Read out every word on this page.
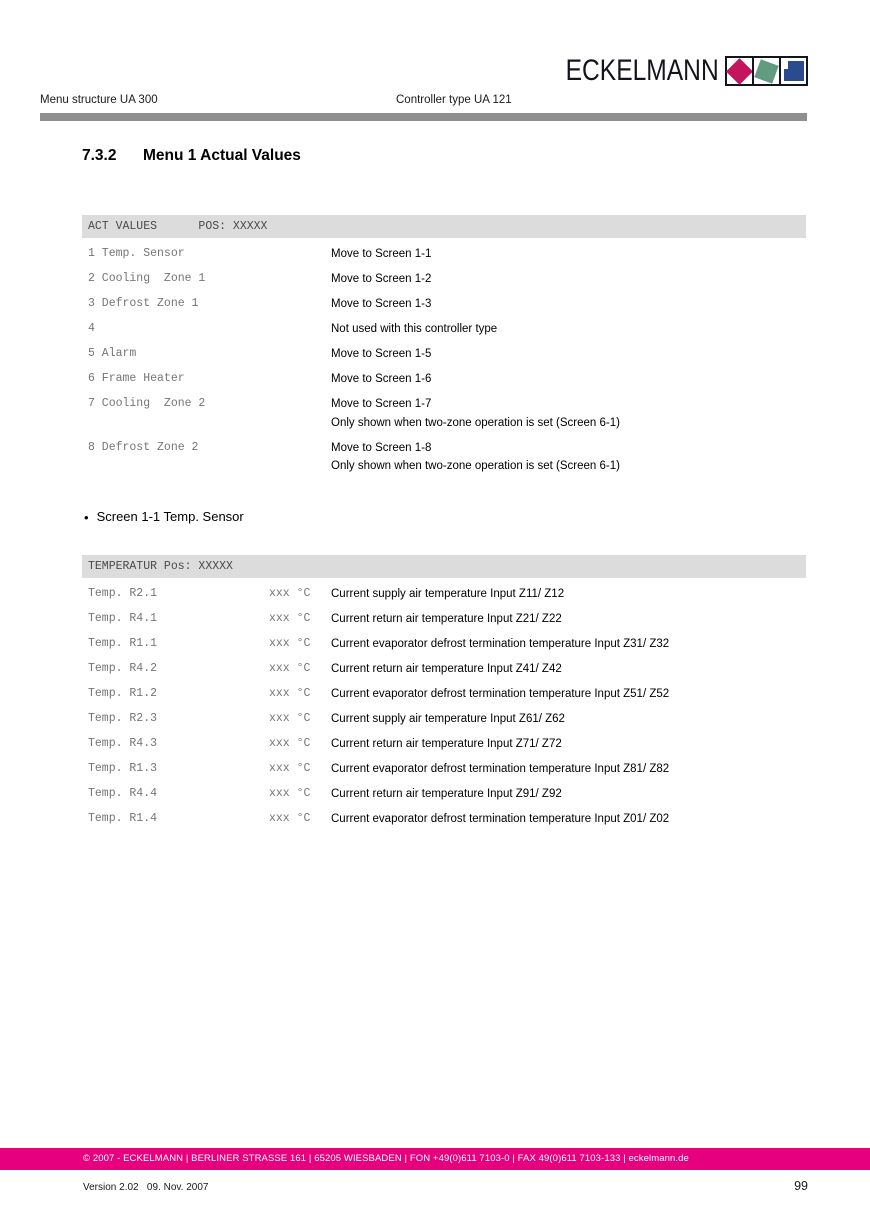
ECKELMANN
Menu structure UA 300	Controller type UA 121
7.3.2	Menu 1 Actual Values
ACT VALUES      POS: XXXXX
1 Temp. Sensor	Move to Screen 1-1
2 Cooling  Zone 1	Move to Screen 1-2
3 Defrost Zone 1	Move to Screen 1-3
4	Not used with this controller type
5 Alarm	Move to Screen 1-5
6 Frame Heater	Move to Screen 1-6
7 Cooling  Zone 2	Move to Screen 1-7
Only shown when two-zone operation is set (Screen 6-1)
8 Defrost Zone 2	Move to Screen 1-8
Only shown when two-zone operation is set (Screen 6-1)
• Screen 1-1 Temp. Sensor
TEMPERATUR Pos: XXXXX
Temp. R2.1	xxx °C	Current supply air temperature Input Z11/ Z12
Temp. R4.1	xxx °C	Current return air temperature Input Z21/ Z22
Temp. R1.1	xxx °C	Current evaporator defrost termination temperature Input Z31/ Z32
Temp. R4.2	xxx °C	Current return air temperature Input Z41/ Z42
Temp. R1.2	xxx °C	Current evaporator defrost termination temperature Input Z51/ Z52
Temp. R2.3	xxx °C	Current supply air temperature Input Z61/ Z62
Temp. R4.3	xxx °C	Current return air temperature Input Z71/ Z72
Temp. R1.3	xxx °C	Current evaporator defrost termination temperature Input Z81/ Z82
Temp. R4.4	xxx °C	Current return air temperature Input Z91/ Z92
Temp. R1.4	xxx °C	Current evaporator defrost termination temperature Input Z01/ Z02
© 2007 - ECKELMANN | BERLINER STRASSE 161 | 65205 WIESBADEN | FON +49(0)611 7103-0 | FAX 49(0)611 7103-133 | eckelmann.de
Version 2.02   09. Nov. 2007	99
